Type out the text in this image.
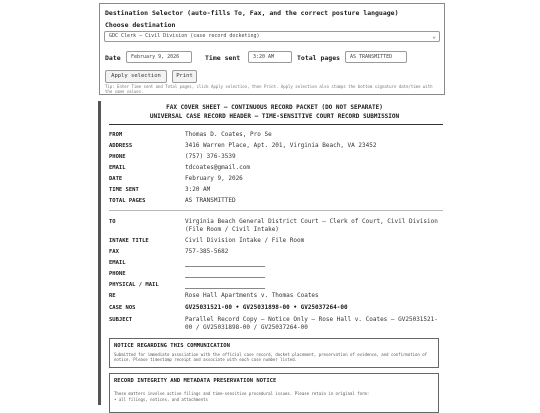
Destination Selector (auto-fills To, Fax, and the correct posture language)
Choose destination
GDC Clerk — Civil Division (case record docketing)	⌄
Date	February 9, 2026	Time sent	3:20 AM	Total pages	AS TRANSMITTED
Apply selection	Print
Tip: Enter Time sent and Total pages, click Apply selection, then Print. Apply selection also stamps the bottom signature date/time with the same values.
FAX COVER SHEET — CONTINUOUS RECORD PACKET (DO NOT SEPARATE)
UNIVERSAL CASE RECORD HEADER — TIME-SENSITIVE COURT RECORD SUBMISSION
FROM	Thomas D. Coates, Pro Se
ADDRESS	3416 Warren Place, Apt. 201, Virginia Beach, VA 23452
PHONE	(757) 376-3539
EMAIL	tdcoates@gmail.com
DATE	February 9, 2026
TIME SENT	3:20 AM
TOTAL PAGES	AS TRANSMITTED
TO	Virginia Beach General District Court — Clerk of Court, Civil Division (File Room / Civil Intake)
INTAKE TITLE	Civil Division Intake / File Room
FAX	757-385-5682
EMAIL
PHONE
PHYSICAL / MAIL
RE	Rose Hall Apartments v. Thomas Coates
CASE NOS	GV25031521-00 • GV25031898-00 • GV25037264-00
SUBJECT	Parallel Record Copy — Notice Only — Rose Hall v. Coates — GV25031521-00 / GV25031898-00 / GV25037264-00
NOTICE REGARDING THIS COMMUNICATION
Submitted for immediate association with the official case record, docket placement, preservation of evidence, and confirmation of notice. Please timestamp receipt and associate with each case number listed.
RECORD INTEGRITY AND METADATA PRESERVATION NOTICE
These matters involve active filings and time-sensitive procedural issues. Please retain in original form:
• all filings, notices, and attachments
